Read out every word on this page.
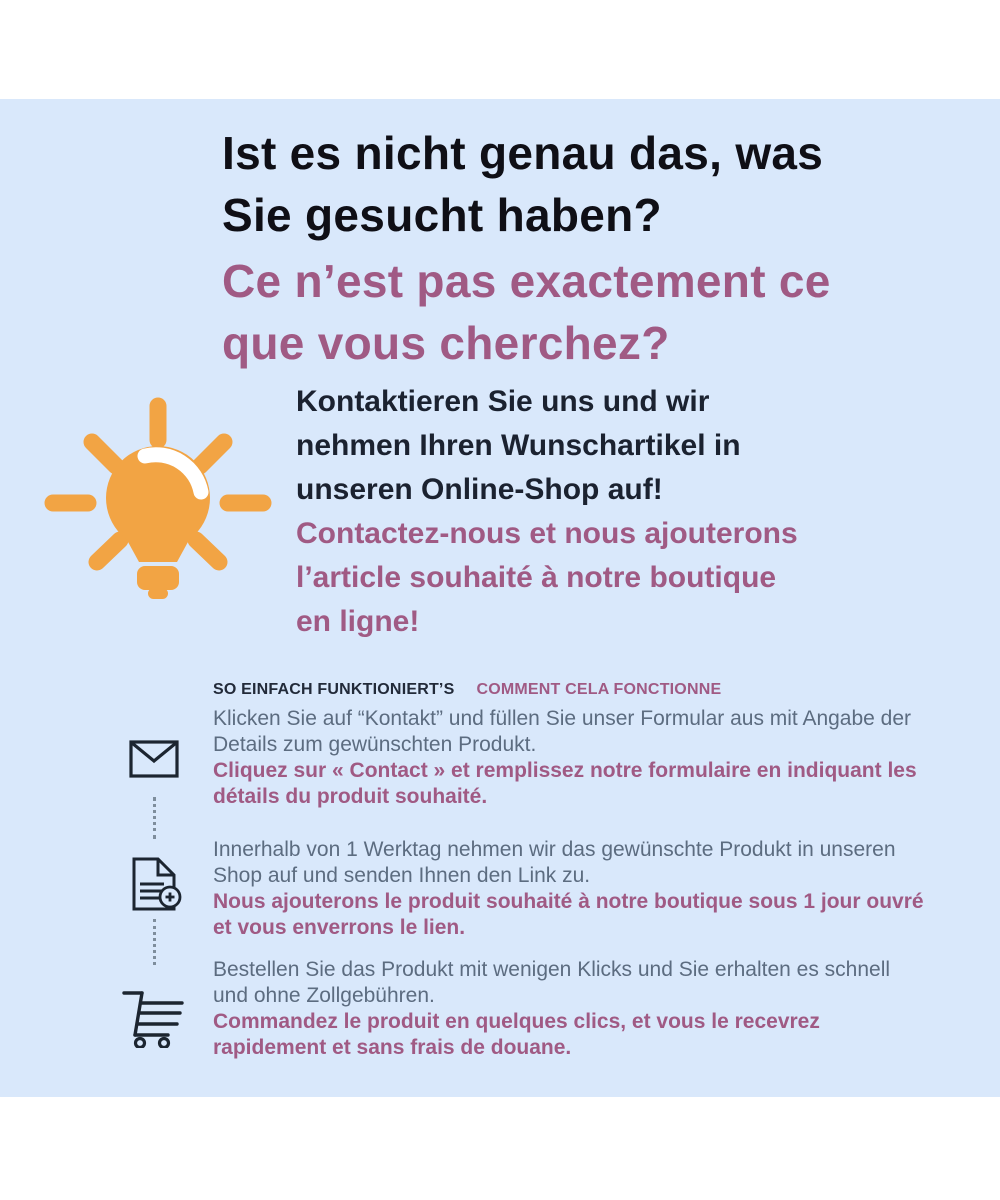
Ist es nicht genau das, was
Sie gesucht haben?
Ce n’est pas exactement ce
que vous cherchez?

Kontaktieren Sie uns und wir
nehmen Ihren Wunschartikel in
unseren Online-Shop auf!

Contactez-nous et nous ajouterons
l’article souhaité à notre boutique
en ligne!

SO EINFACH FUNKTIONIERT’S COMMENT CELA FONCTIONNE

Klicken Sie auf “Kontakt” und füllen Sie unser Formular aus mit Angabe der Details zum gewünschten Produkt.

Cliquez sur « Contact » et remplissez notre formulaire en indiquant les détails du produit souhaité.

Innerhalb von 1 Werktag nehmen wir das gewünschte Produkt in unseren Shop auf und senden Ihnen den Link zu.

Nous ajouterons le produit souhaité à notre boutique sous 1 jour ouvré et vous enverrons le lien.

Bestellen Sie das Produkt mit wenigen Klicks und Sie erhalten es schnell und ohne Zollgebühren.

Commandez le produit en quelques clics, et vous le recevrez rapidement et sans frais de douane.
